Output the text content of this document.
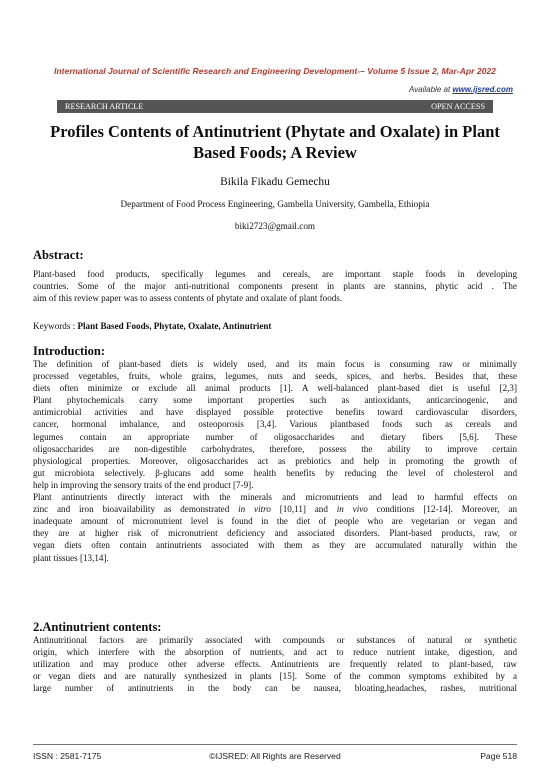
International Journal of Scientific Research and Engineering Development-– Volume 5 Issue 2, Mar-Apr 2022
Available at www.ijsred.com
RESEARCH ARTICLE	OPEN ACCESS
Profiles Contents of Antinutrient (Phytate and Oxalate) in Plant
Based Foods; A Review
Bikila Fikadu Gemechu
Department of Food Process Engineering, Gambella University, Gambella, Ethiopia
biki2723@gmail.com
Abstract:
Plant-based food products, specifically legumes and cereals, are important staple foods in developing
countries. Some of the major anti-nutritional components present in plants are stannins, phytic acid . The
aim of this review paper was to assess contents of phytate and oxalate of plant foods.
Keywords : Plant Based Foods, Phytate, Oxalate, Antinutrient
Introduction:
The definition of plant-based diets is widely used, and its main focus is consuming raw or minimally
processed vegetables, fruits, whole grains, legumes, nuts and seeds, spices, and herbs. Besides that, these
diets often minimize or exclude all animal products [1]. A well-balanced plant-based diet is useful [2,3]
Plant phytochemicals carry some important properties such as antioxidants, anticarcinogenic, and
antimicrobial activities and have displayed possible protective benefits toward cardiovascular disorders,
cancer, hormonal imbalance, and osteoporosis [3,4]. Various plantbased foods such as cereals and
legumes contain an appropriate number of oligosaccharides and dietary fibers [5,6]. These
oligosaccharides are non-digestible carbohydrates, therefore, possess the ability to improve certain
physiological properties. Moreover, oligosaccharides act as prebiotics and help in promoting the growth of
gut microbiota selectively. β-glucans add some health benefits by reducing the level of cholesterol and
help in improving the sensory traits of the end product [7-9].
Plant antinutrients directly interact with the minerals and micronutrients and lead to harmful effects on
zinc and iron bioavailability as demonstrated in vitro [10,11] and in vivo conditions [12-14]. Moreover, an
inadequate amount of micronutrient level is found in the diet of people who are vegetarian or vegan and
they are at higher risk of micronutrient deficiency and associated disorders. Plant-based products, raw, or
vegan diets often contain antinutrients associated with them as they are accumulated naturally within the
plant tissues [13,14].
2.Antinutrient contents:
Antinutritional factors are primarily associated with compounds or substances of natural or synthetic
origin, which interfere with the absorption of nutrients, and act to reduce nutrient intake, digestion, and
utilization and may produce other adverse effects. Antinutrients are frequently related to plant-based, raw
or vegan diets and are naturally synthesized in plants [15]. Some of the common symptoms exhibited by a
large number of antinutrients in the body can be nausea, bloating,headaches, rashes, nutritional
ISSN : 2581-7175	©IJSRED: All Rights are Reserved	Page 518
